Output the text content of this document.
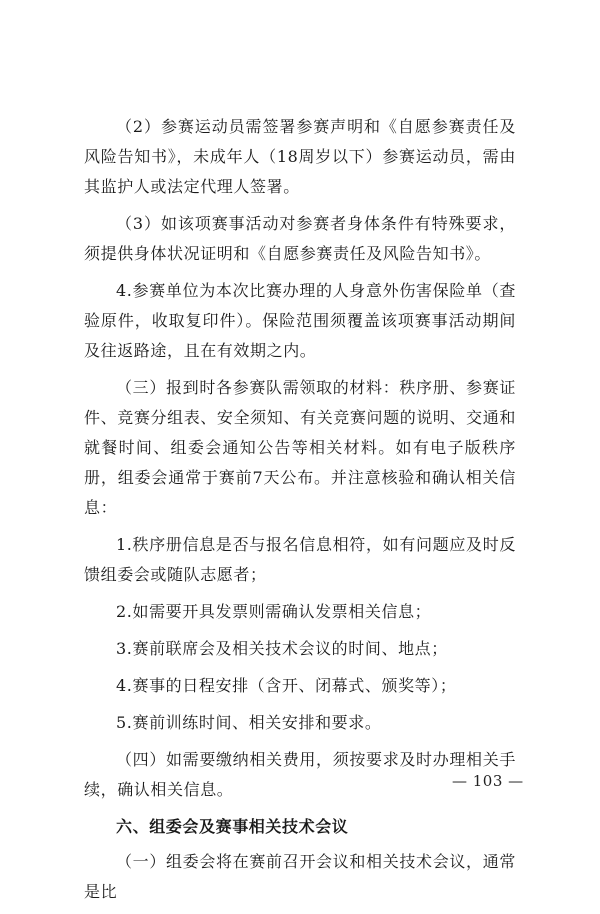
（2）参赛运动员需签署参赛声明和《自愿参赛责任及风险告知书》，未成年人（18周岁以下）参赛运动员，需由其监护人或法定代理人签署。

（3）如该项赛事活动对参赛者身体条件有特殊要求，须提供身体状况证明和《自愿参赛责任及风险告知书》。

4.参赛单位为本次比赛办理的人身意外伤害保险单（查验原件，收取复印件）。保险范围须覆盖该项赛事活动期间及往返路途，且在有效期之内。

（三）报到时各参赛队需领取的材料：秩序册、参赛证件、竞赛分组表、安全须知、有关竞赛问题的说明、交通和就餐时间、组委会通知公告等相关材料。如有电子版秩序册，组委会通常于赛前7天公布。并注意核验和确认相关信息：

1.秩序册信息是否与报名信息相符，如有问题应及时反馈组委会或随队志愿者；

2.如需要开具发票则需确认发票相关信息；

3.赛前联席会及相关技术会议的时间、地点；

4.赛事的日程安排（含开、闭幕式、颁奖等）；

5.赛前训练时间、相关安排和要求。

（四）如需要缴纳相关费用，须按要求及时办理相关手续，确认相关信息。

六、组委会及赛事相关技术会议

（一）组委会将在赛前召开会议和相关技术会议，通常是比

— 103 —
